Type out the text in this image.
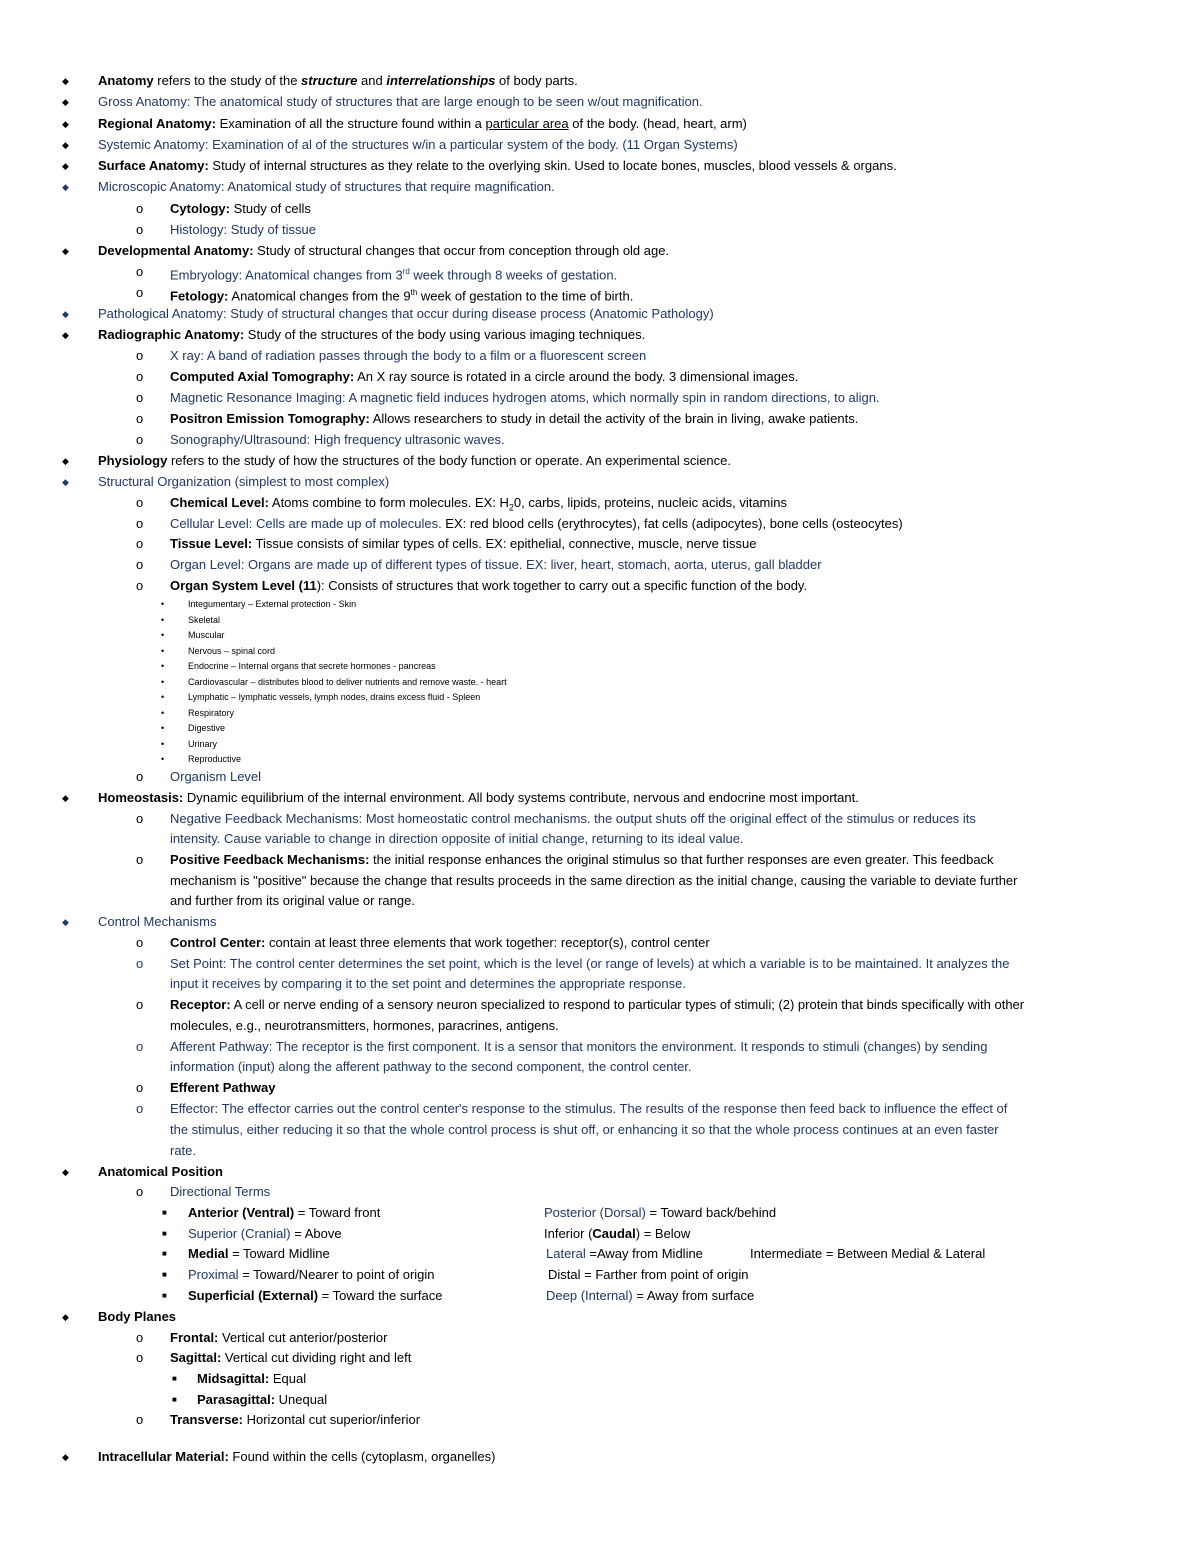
◆ Anatomy refers to the study of the structure and interrelationships of body parts.
◆ Gross Anatomy: The anatomical study of structures that are large enough to be seen w/out magnification.
◆ Regional Anatomy: Examination of all the structure found within a particular area of the body. (head, heart, arm)
◆ Systemic Anatomy: Examination of al of the structures w/in a particular system of the body. (11 Organ Systems)
◆ Surface Anatomy: Study of internal structures as they relate to the overlying skin. Used to locate bones, muscles, blood vessels & organs.
◆ Microscopic Anatomy: Anatomical study of structures that require magnification.
o Cytology: Study of cells
o Histology: Study of tissue
◆ Developmental Anatomy: Study of structural changes that occur from conception through old age.
o Embryology: Anatomical changes from 3rd week through 8 weeks of gestation.
o Fetology: Anatomical changes from the 9th week of gestation to the time of birth.
◆ Pathological Anatomy: Study of structural changes that occur during disease process (Anatomic Pathology)
◆ Radiographic Anatomy: Study of the structures of the body using various imaging techniques.
o X ray: A band of radiation passes through the body to a film or a fluorescent screen
o Computed Axial Tomography: An X ray source is rotated in a circle around the body. 3 dimensional images.
o Magnetic Resonance Imaging: A magnetic field induces hydrogen atoms, which normally spin in random directions, to align.
o Positron Emission Tomography: Allows researchers to study in detail the activity of the brain in living, awake patients.
o Sonography/Ultrasound: High frequency ultrasonic waves.
◆ Physiology refers to the study of how the structures of the body function or operate. An experimental science.
◆ Structural Organization (simplest to most complex)
o Chemical Level: Atoms combine to form molecules. EX: $H_20$, carbs, lipids, proteins, nucleic acids, vitamins
o Cellular Level: Cells are made up of molecules. EX: red blood cells (erythrocytes), fat cells (adipocytes), bone cells (osteocytes)
o Tissue Level: Tissue consists of similar types of cells. EX: epithelial, connective, muscle, nerve tissue
o Organ Level: Organs are made up of different types of tissue. EX: liver, heart, stomach, aorta, uterus, gall bladder
o Organ System Level (11): Consists of structures that work together to carry out a specific function of the body.
•	Integumentary – External protection - Skin
•	Skeletal
•	Muscular
•	Nervous – spinal cord
•	Endocrine – Internal organs that secrete hormones - pancreas
•	Cardiovascular – distributes blood to deliver nutrients and remove waste. - heart
•	Lymphatic – lymphatic vessels, lymph nodes, drains excess fluid - Spleen
•	Respiratory
•	Digestive
•	Urinary
•	Reproductive
o Organism Level
◆ Homeostasis: Dynamic equilibrium of the internal environment. All body systems contribute, nervous and endocrine most important.
o Negative Feedback Mechanisms: Most homeostatic control mechanisms. the output shuts off the original effect of the stimulus or reduces its
intensity. Cause variable to change in direction opposite of initial change, returning to its ideal value.
o Positive Feedback Mechanisms: the initial response enhances the original stimulus so that further responses are even greater. This feedback
mechanism is "positive" because the change that results proceeds in the same direction as the initial change, causing the variable to deviate further
and further from its original value or range.
◆ Control Mechanisms
o Control Center: contain at least three elements that work together: receptor(s), control center
o Set Point: The control center determines the set point, which is the level (or range of levels) at which a variable is to be maintained. It analyzes the
input it receives by comparing it to the set point and determines the appropriate response.
o Receptor: A cell or nerve ending of a sensory neuron specialized to respond to particular types of stimuli; (2) protein that binds specifically with other
molecules, e.g., neurotransmitters, hormones, paracrines, antigens.
o Afferent Pathway: The receptor is the first component. It is a sensor that monitors the environment. It responds to stimuli (changes) by sending
information (input) along the afferent pathway to the second component, the control center.
o Efferent Pathway
o Effector: The effector carries out the control center's response to the stimulus. The results of the response then feed back to influence the effect of
the stimulus, either reducing it so that the whole control process is shut off, or enhancing it so that the whole process continues at an even faster
rate.
◆ Anatomical Position
o Directional Terms
■ Anterior (Ventral) = Toward front	Posterior (Dorsal) = Toward back/behind
■ Superior (Cranial) = Above	Inferior (Caudal) = Below
■ Medial = Toward Midline	Lateral =Away from Midline	Intermediate = Between Medial & Lateral
■ Proximal = Toward/Nearer to point of origin	Distal = Farther from point of origin
■ Superficial (External) = Toward the surface	Deep (Internal) = Away from surface
◆ Body Planes
o Frontal: Vertical cut anterior/posterior
o Sagittal: Vertical cut dividing right and left
■ Midsagittal: Equal
■ Parasagittal: Unequal
o Transverse: Horizontal cut superior/inferior
◆ Intracellular Material: Found within the cells (cytoplasm, organelles)
